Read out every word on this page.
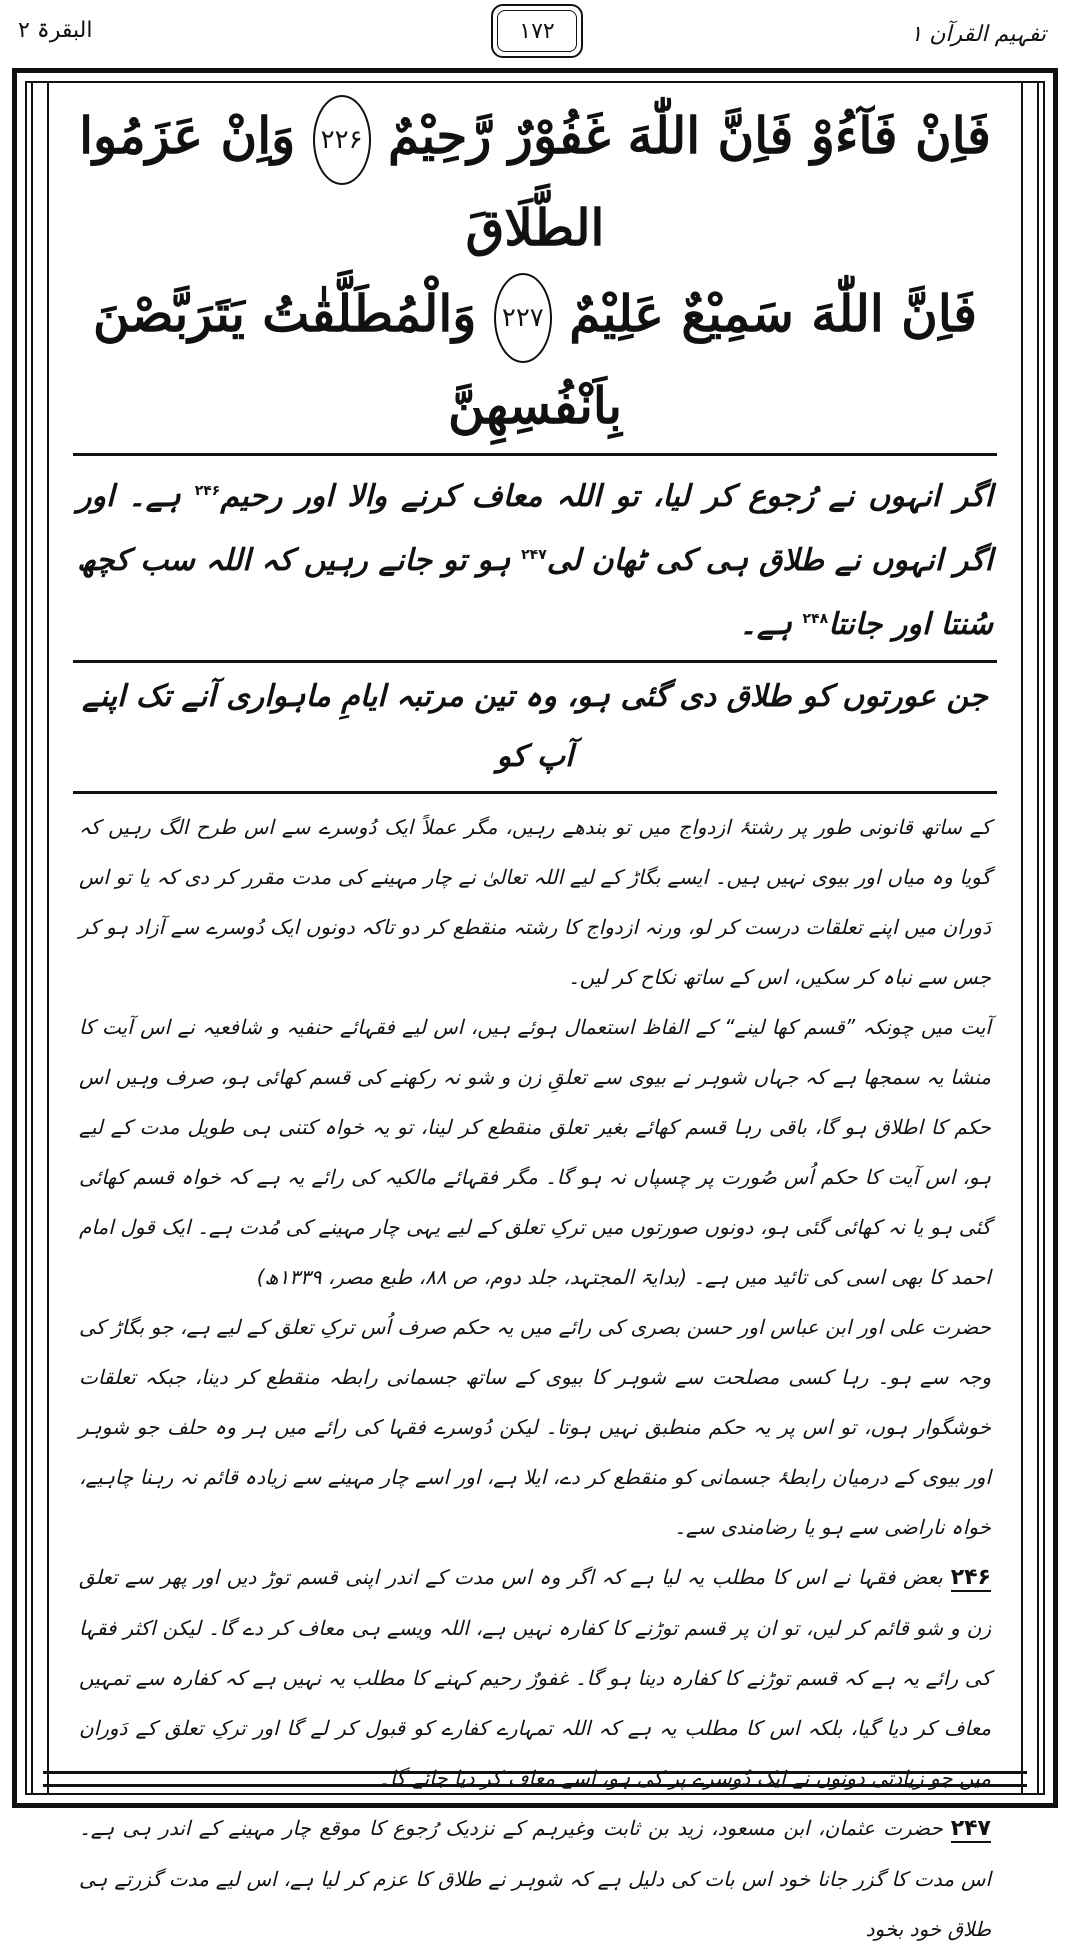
البقرۃ ۲	۱۷۲	تفہیم القرآن ۱
فَاِنْ فَآءُوْ فَاِنَّ اللّٰهَ غَفُوْرٌ رَّحِيْمٌ ۲۲۶ وَاِنْ عَزَمُوا الطَّلَاقَ
فَاِنَّ اللّٰهَ سَمِيْعٌ عَلِيْمٌ ۲۲۷ وَالْمُطَلَّقٰتُ يَتَرَبَّصْنَ بِاَنْفُسِهِنَّ
اگر انہوں نے رُجوع کر لیا، تو اللہ معاف کرنے والا اور رحیم$^{۲۴۶}$ ہے۔ اور اگر انہوں نے طلاق ہی کی ٹھان لی$^{۲۴۷}$ ہو تو جانے رہیں کہ اللہ سب کچھ سُنتا اور جانتا$^{۲۴۸}$ ہے۔
جن عورتوں کو طلاق دی گئی ہو، وہ تین مرتبہ ایامِ ماہواری آنے تک اپنے آپ کو

کے ساتھ قانونی طور پر رشتۂ ازدواج میں تو بندھے رہیں، مگر عملاً ایک دُوسرے سے اس طرح الگ رہیں کہ گویا وہ میاں اور بیوی نہیں ہیں۔ ایسے بگاڑ کے لیے اللہ تعالیٰ نے چار مہینے کی مدت مقرر کر دی کہ یا تو اس دَوران میں اپنے تعلقات درست کر لو، ورنہ ازدواج کا رشتہ منقطع کر دو تاکہ دونوں ایک دُوسرے سے آزاد ہو کر جس سے نباہ کر سکیں، اس کے ساتھ نکاح کر لیں۔

آیت میں چونکہ ”قسم کھا لینے“ کے الفاظ استعمال ہوئے ہیں، اس لیے فقہائے حنفیہ و شافعیہ نے اس آیت کا منشا یہ سمجھا ہے کہ جہاں شوہر نے بیوی سے تعلقِ زن و شو نہ رکھنے کی قسم کھائی ہو، صرف وہیں اس حکم کا اطلاق ہو گا، باقی رہا قسم کھائے بغیر تعلق منقطع کر لینا، تو یہ خواہ کتنی ہی طویل مدت کے لیے ہو، اس آیت کا حکم اُس صُورت پر چسپاں نہ ہو گا۔ مگر فقہائے مالکیہ کی رائے یہ ہے کہ خواہ قسم کھائی گئی ہو یا نہ کھائی گئی ہو، دونوں صورتوں میں ترکِ تعلق کے لیے یہی چار مہینے کی مُدت ہے۔ ایک قول امام احمد کا بھی اسی کی تائید میں ہے۔ (بدایۃ المجتہد، جلد دوم، ص ۸۸، طبع مصر، ۱۳۳۹ھ)

حضرت علی اور ابن عباس اور حسن بصری کی رائے میں یہ حکم صرف اُس ترکِ تعلق کے لیے ہے، جو بگاڑ کی وجہ سے ہو۔ رہا کسی مصلحت سے شوہر کا بیوی کے ساتھ جسمانی رابطہ منقطع کر دینا، جبکہ تعلقات خوشگوار ہوں، تو اس پر یہ حکم منطبق نہیں ہوتا۔ لیکن دُوسرے فقہا کی رائے میں ہر وہ حلف جو شوہر اور بیوی کے درمیان رابطۂ جسمانی کو منقطع کر دے، ایلا ہے، اور اسے چار مہینے سے زیادہ قائم نہ رہنا چاہیے، خواہ ناراضی سے ہو یا رضامندی سے۔

۲۴۶بعض فقہا نے اس کا مطلب یہ لیا ہے کہ اگر وہ اس مدت کے اندر اپنی قسم توڑ دیں اور پھر سے تعلق زن و شو قائم کر لیں، تو ان پر قسم توڑنے کا کفارہ نہیں ہے، اللہ ویسے ہی معاف کر دے گا۔ لیکن اکثر فقہا کی رائے یہ ہے کہ قسم توڑنے کا کفارہ دینا ہو گا۔ غفورٌ رحیم کہنے کا مطلب یہ نہیں ہے کہ کفارہ سے تمہیں معاف کر دیا گیا، بلکہ اس کا مطلب یہ ہے کہ اللہ تمہارے کفارے کو قبول کر لے گا اور ترکِ تعلق کے دَوران میں جو زیادتی دونوں نے ایک دُوسرے پر کی ہو، اسے معاف کر دیا جائے گا۔

۲۴۷حضرت عثمان، ابن مسعود، زید بن ثابت وغیرہم کے نزدیک رُجوع کا موقع چار مہینے کے اندر ہی ہے۔ اس مدت کا گزر جانا خود اس بات کی دلیل ہے کہ شوہر نے طلاق کا عزم کر لیا ہے، اس لیے مدت گزرتے ہی طلاق خود بخود
